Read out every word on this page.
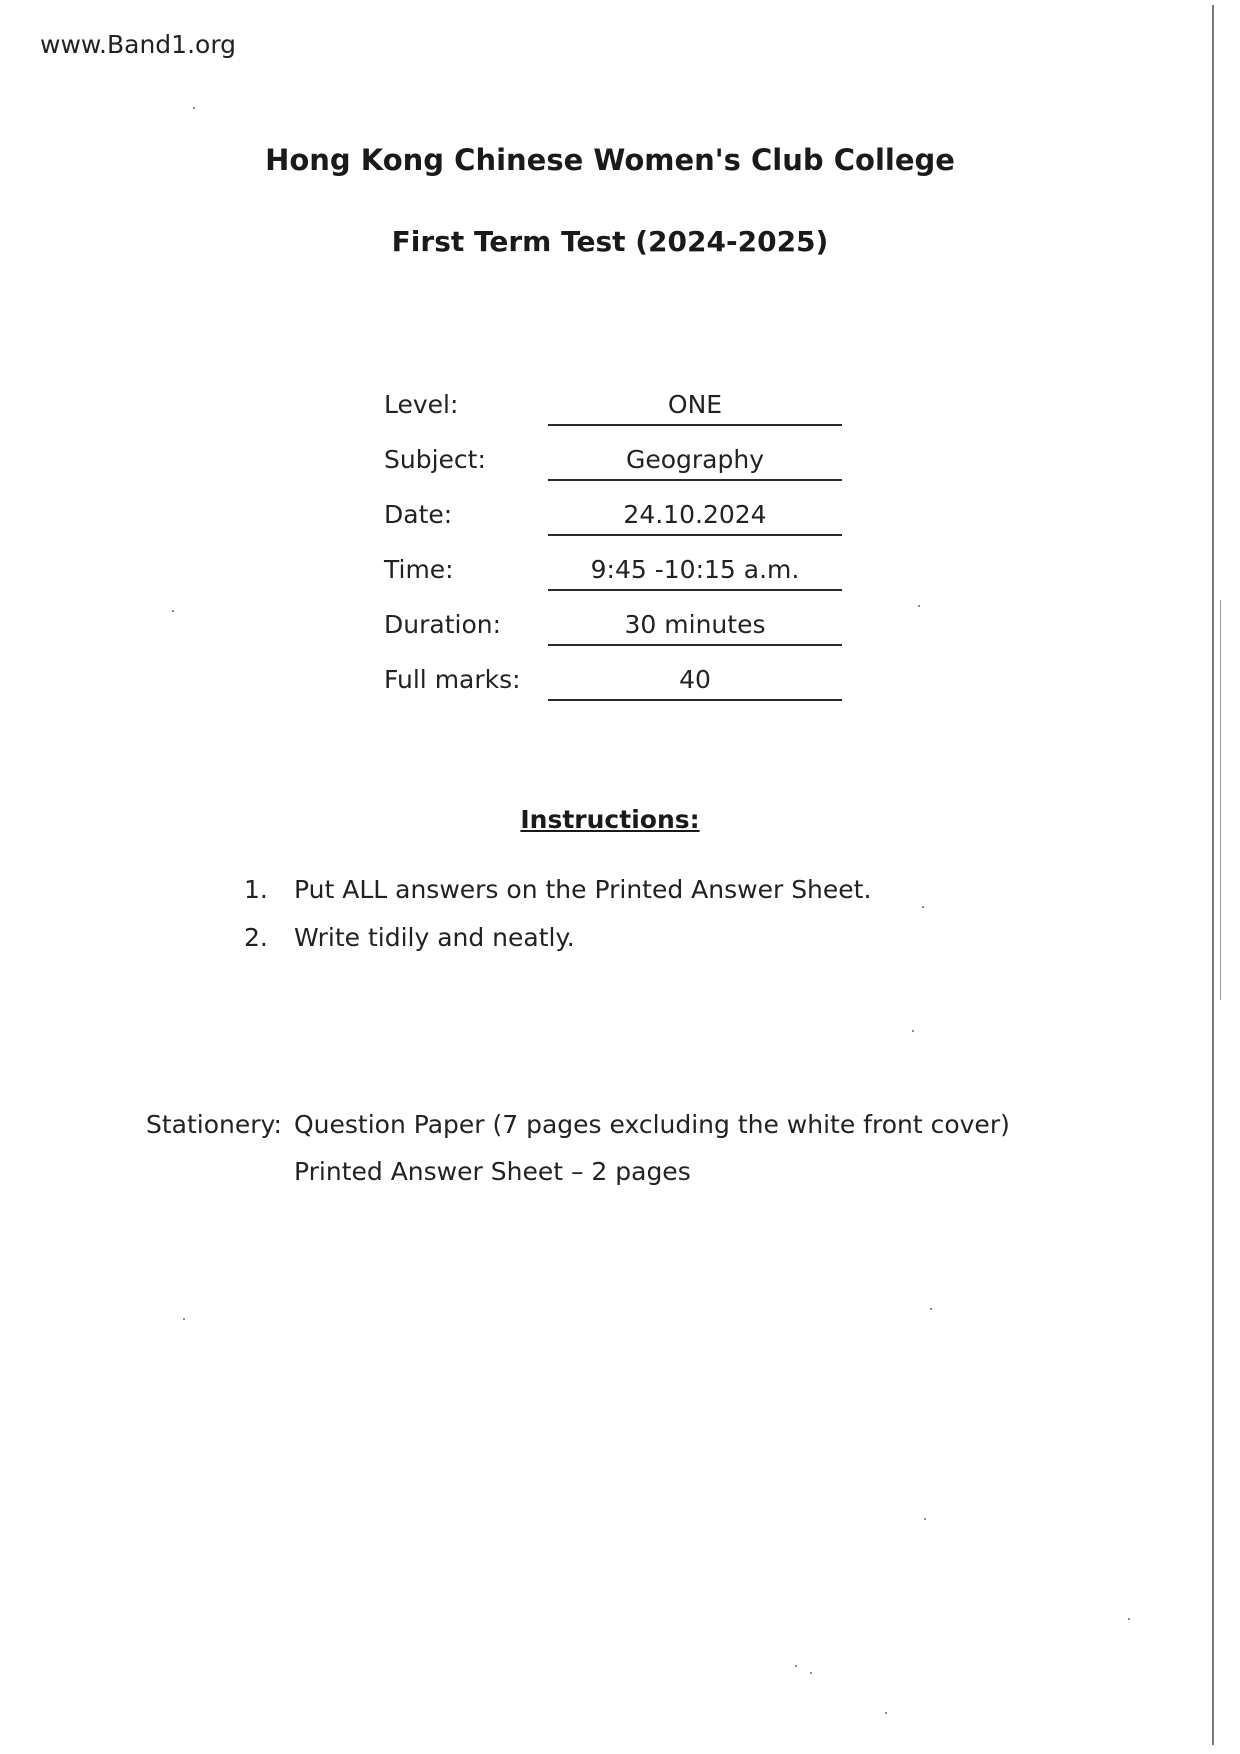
www.Band1.org
Hong Kong Chinese Women's Club College
First Term Test (2024-2025)
Level:	ONE
Subject:	Geography
Date:	24.10.2024
Time:	9:45 -10:15 a.m.
Duration:	30 minutes
Full marks:	40
Instructions:
1. Put ALL answers on the Printed Answer Sheet.
2. Write tidily and neatly.
Stationery: Question Paper (7 pages excluding the white front cover)
Printed Answer Sheet – 2 pages
